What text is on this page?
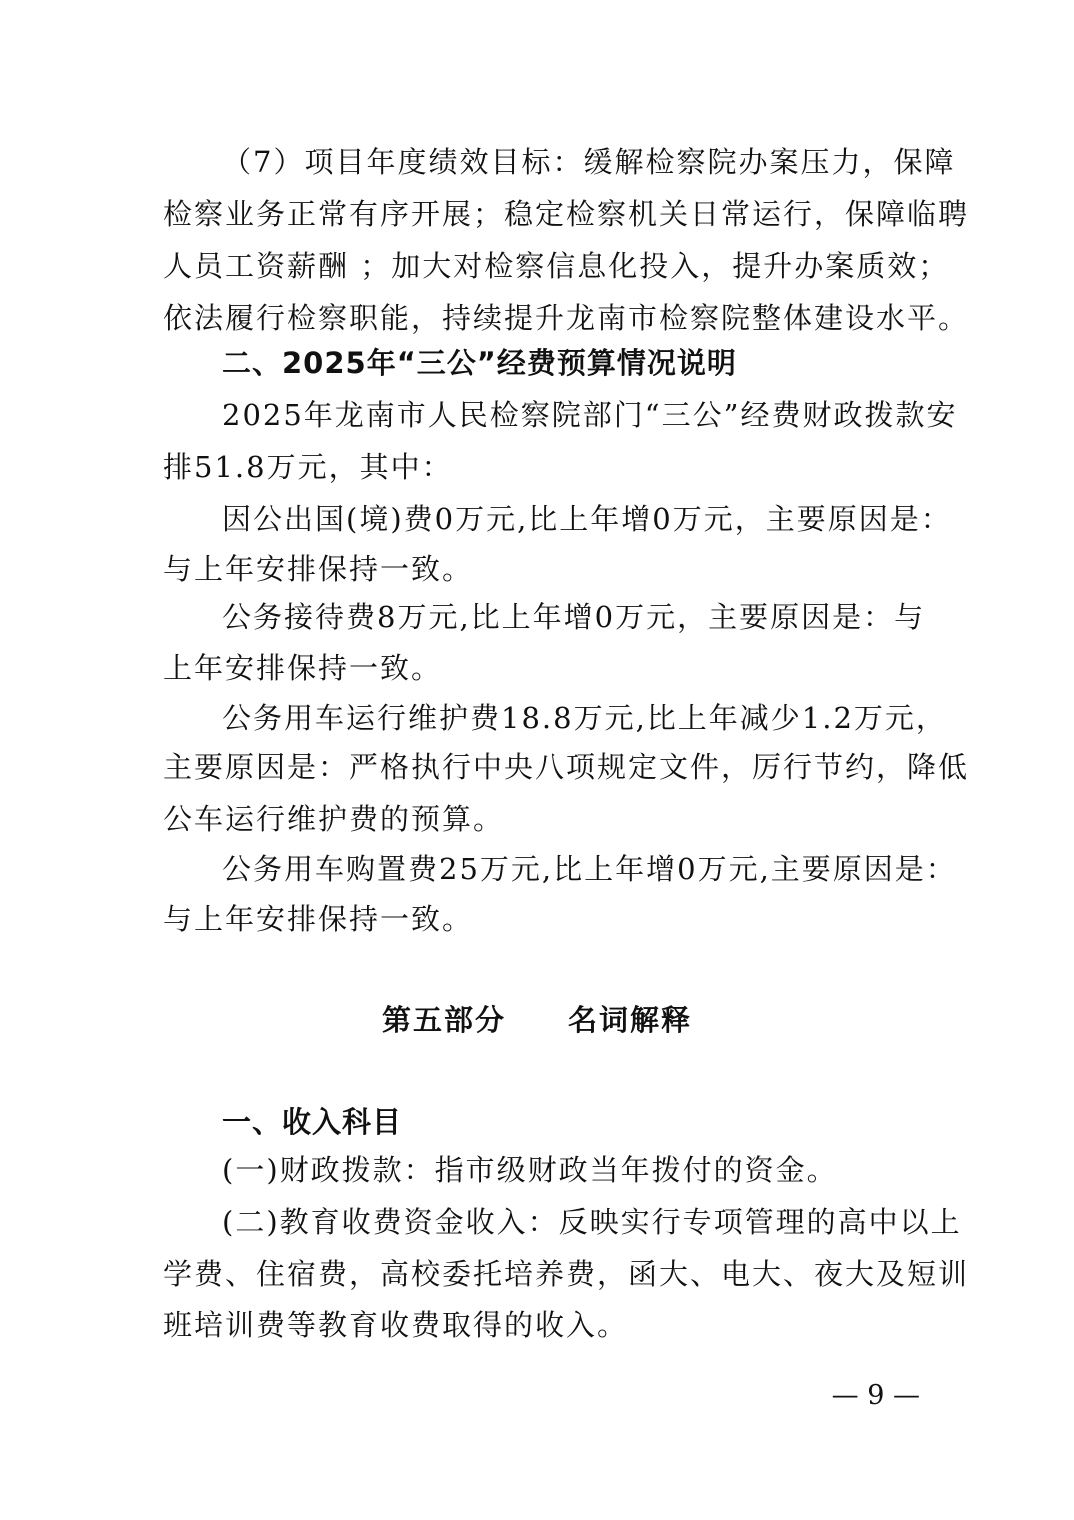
（7）项目年度绩效目标：缓解检察院办案压力，保障
检察业务正常有序开展；稳定检察机关日常运行，保障临聘
人员工资薪酬 ；加大对检察信息化投入，提升办案质效；
依法履行检察职能，持续提升龙南市检察院整体建设水平。
二、2025年“三公”经费预算情况说明
2025年龙南市人民检察院部门“三公”经费财政拨款安
排51.8万元，其中：
因公出国(境)费0万元,比上年增0万元，主要原因是：
与上年安排保持一致。
公务接待费8万元,比上年增0万元，主要原因是：与
上年安排保持一致。
公务用车运行维护费18.8万元,比上年减少1.2万元，
主要原因是：严格执行中央八项规定文件，厉行节约，降低
公车运行维护费的预算。
公务用车购置费25万元,比上年增0万元,主要原因是：
与上年安排保持一致。
第五部分　　名词解释
一、收入科目
(一)财政拨款：指市级财政当年拨付的资金。
(二)教育收费资金收入：反映实行专项管理的高中以上
学费、住宿费，高校委托培养费，函大、电大、夜大及短训
班培训费等教育收费取得的收入。
— 9 —
